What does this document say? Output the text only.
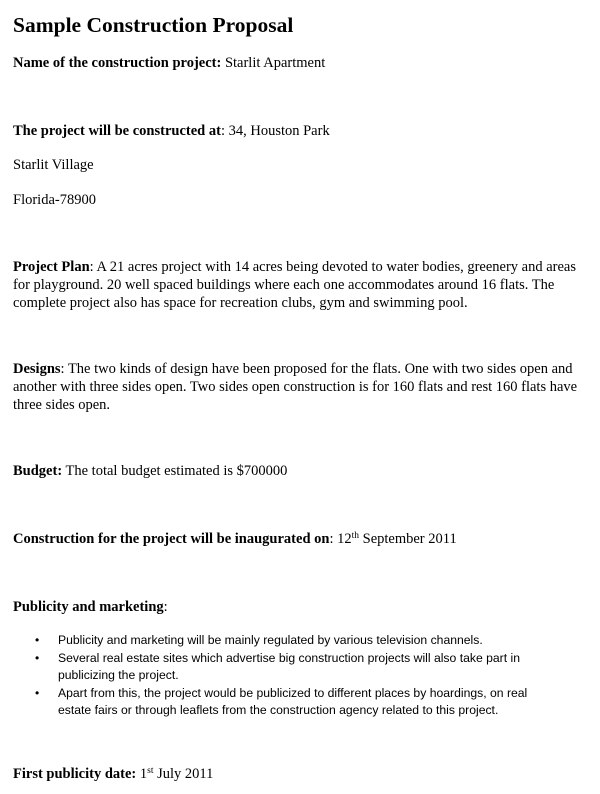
Sample Construction Proposal
Name of the construction project: Starlit Apartment
The project will be constructed at: 34, Houston Park
Starlit Village
Florida-78900
Project Plan: A 21 acres project with 14 acres being devoted to water bodies, greenery and areas for playground. 20 well spaced buildings where each one accommodates around 16 flats. The complete project also has space for recreation clubs, gym and swimming pool.
Designs: The two kinds of design have been proposed for the flats. One with two sides open and another with three sides open. Two sides open construction is for 160 flats and rest 160 flats have three sides open.
Budget: The total budget estimated is $700000
Construction for the project will be inaugurated on: 12th September 2011
Publicity and marketing:
• Publicity and marketing will be mainly regulated by various television channels.
• Several real estate sites which advertise big construction projects will also take part in publicizing the project.
• Apart from this, the project would be publicized to different places by hoardings, on real estate fairs or through leaflets from the construction agency related to this project.
First publicity date: 1st July 2011
